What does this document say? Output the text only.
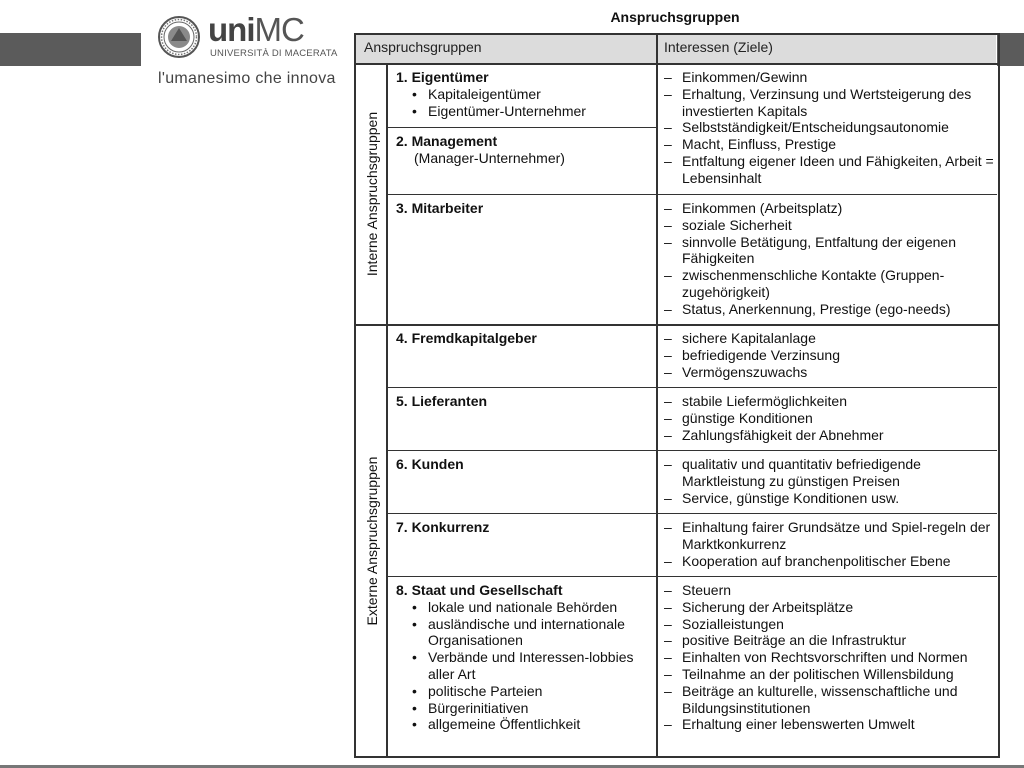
uniMC
UNIVERSITÀ DI MACERATA
l'umanesimo che innova
Anspruchsgruppen
Anspruchsgruppen	Interessen (Ziele)
Interne Anspruchsgruppen
Externe Anspruchsgruppen
1. Eigentümer
• Kapitaleigentümer
• Eigentümer-Unternehmer
2. Management
(Manager-Unternehmer)
3. Mitarbeiter
4. Fremdkapitalgeber
5. Lieferanten
6. Kunden
7. Konkurrenz
8. Staat und Gesellschaft
• lokale und nationale Behörden
• ausländische und internationale Organisationen
• Verbände und Interessen-lobbies aller Art
• politische Parteien
• Bürgerinitiativen
• allgemeine Öffentlichkeit
– Einkommen/Gewinn
– Erhaltung, Verzinsung und Wertsteigerung des investierten Kapitals
– Selbstständigkeit/Entscheidungsautonomie
– Macht, Einfluss, Prestige
– Entfaltung eigener Ideen und Fähigkeiten, Arbeit = Lebensinhalt
– Einkommen (Arbeitsplatz)
– soziale Sicherheit
– sinnvolle Betätigung, Entfaltung der eigenen Fähigkeiten
– zwischenmenschliche Kontakte (Gruppen-zugehörigkeit)
– Status, Anerkennung, Prestige (ego-needs)
– sichere Kapitalanlage
– befriedigende Verzinsung
– Vermögenszuwachs
– stabile Liefermöglichkeiten
– günstige Konditionen
– Zahlungsfähigkeit der Abnehmer
– qualitativ und quantitativ befriedigende Marktleistung zu günstigen Preisen
– Service, günstige Konditionen usw.
– Einhaltung fairer Grundsätze und Spiel-regeln der Marktkonkurrenz
– Kooperation auf branchenpolitischer Ebene
– Steuern
– Sicherung der Arbeitsplätze
– Sozialleistungen
– positive Beiträge an die Infrastruktur
– Einhalten von Rechtsvorschriften und Normen
– Teilnahme an der politischen Willensbildung
– Beiträge an kulturelle, wissenschaftliche und Bildungsinstitutionen
– Erhaltung einer lebenswerten Umwelt
